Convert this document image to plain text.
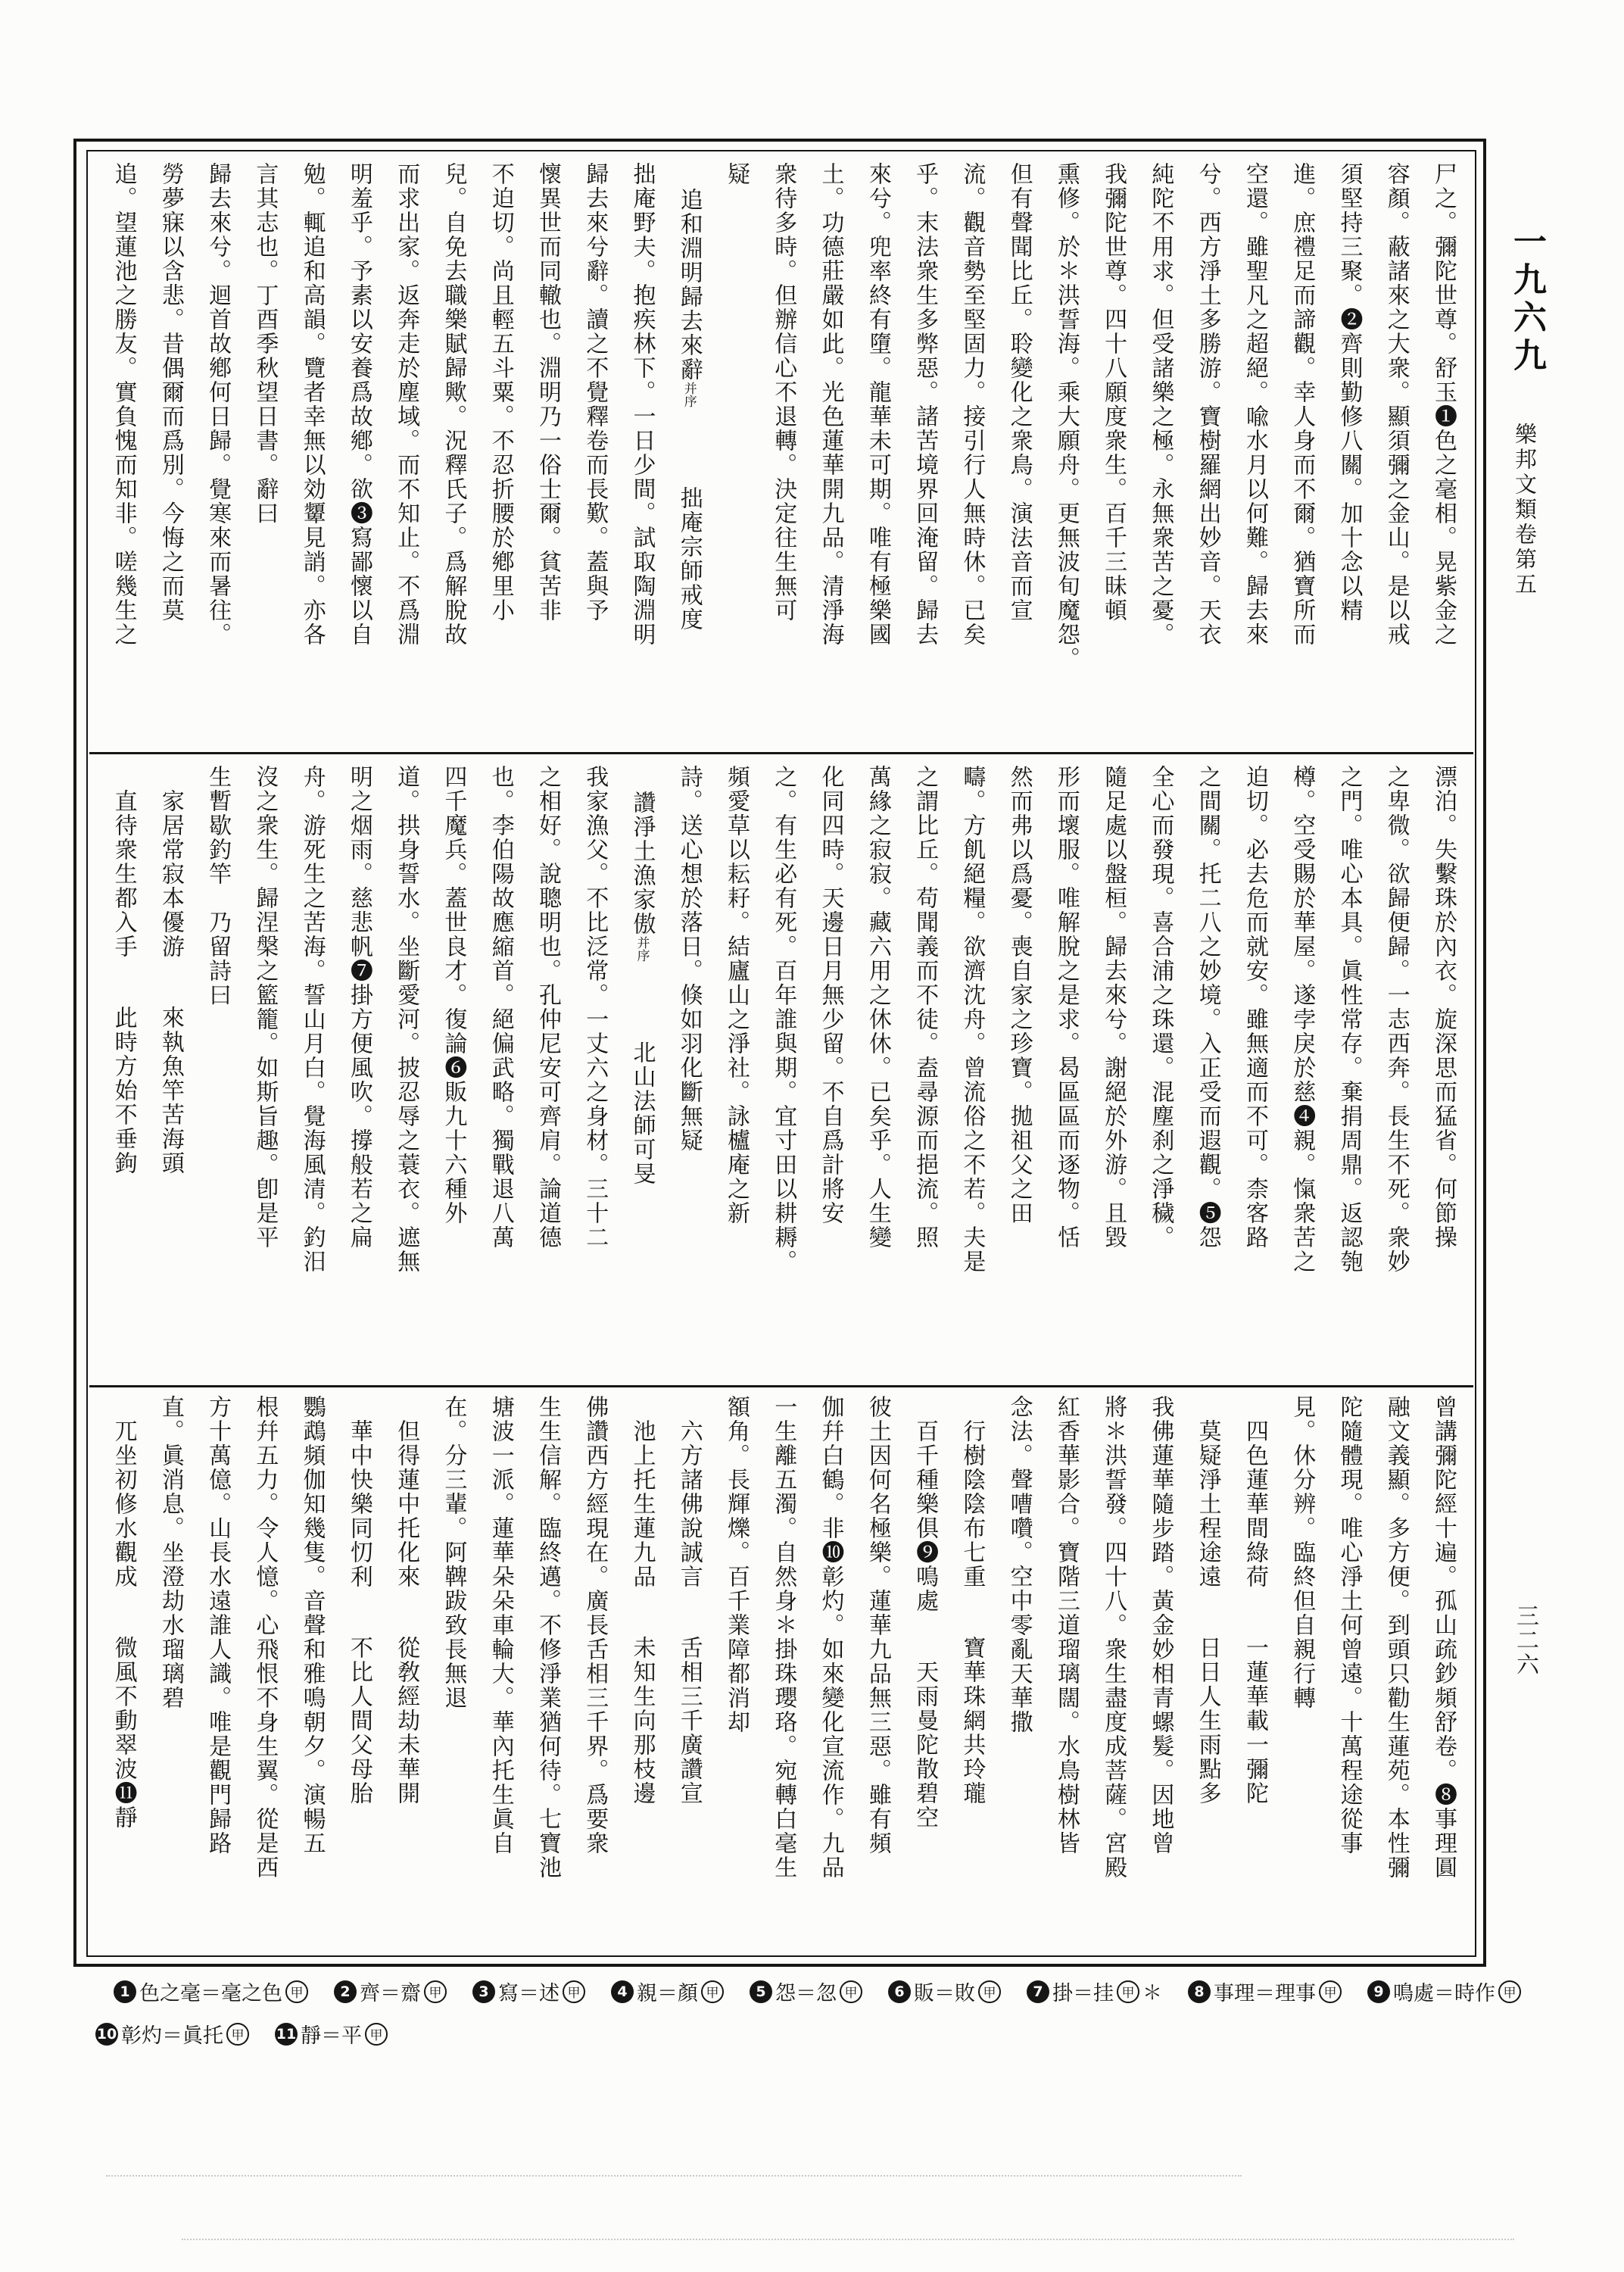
一九六九
樂邦文類卷第五
三二六
尸之。彌陀世尊。舒玉❶色之毫相。晃紫金之
容顏。蔽諸來之大衆。顯須彌之金山。是以戒
須堅持三聚。❷齊則勤修八關。加十念以精
進。庶禮足而諦觀。幸人身而不爾。猶寶所而
空還。雖聖凡之超絕。喩水月以何難。歸去來
兮。西方淨土多勝游。寶樹羅網出妙音。天衣
純陀不用求。但受諸樂之極。永無衆苦之憂。
我彌陀世尊。四十八願度衆生。百千三昧頓
熏修。於＊洪誓海。乘大願舟。更無波旬魔怨。
但有聲聞比丘。聆變化之衆鳥。演法音而宣
流。觀音勢至堅固力。接引行人無時休。已矣
乎。末法衆生多弊惡。諸苦境界回淹留。歸去
來兮。兜率終有墮。龍華未可期。唯有極樂國
土。功德莊嚴如此。光色蓮華開九品。清淨海
衆待多時。但辦信心不退轉。決定往生無可
疑
追和淵明歸去來辭并序拙庵宗師戒度
拙庵野夫。抱疾林下。一日少間。試取陶淵明
歸去來兮辭。讀之不覺釋卷而長歎。蓋與予
懷異世而同轍也。淵明乃一俗士爾。貧苦非
不迫切。尚且輕五斗粟。不忍折腰於鄕里小
兒。自免去職樂賦歸歟。況釋氏子。爲解脫故
而求出家。返奔走於塵域。而不知止。不爲淵
明羞乎。予素以安養爲故鄕。欲❸寫鄙懷以自
勉。輒追和高韻。覽者幸無以効顰見誚。亦各
言其志也。丁酉季秋望日書。辭曰
歸去來兮。迴首故鄕何日歸。覺寒來而暑往。
勞夢寐以含悲。昔偶爾而爲別。今悔之而莫
追。望蓮池之勝友。實負愧而知非。嗟幾生之
漂泊。失繫珠於內衣。旋深思而猛省。何節操
之卑微。欲歸便歸。一志西奔。長生不死。衆妙
之門。唯心本具。眞性常存。棄捐周鼎。返認匏
樽。空受賜於華屋。遂孛戾於慈❹親。愾衆苦之
迫切。必去危而就安。雖無適而不可。柰客路
之間關。托二八之妙境。入正受而遐觀。❺怨
全心而發現。喜合浦之珠還。混塵刹之淨穢。
隨足處以盤桓。歸去來兮。謝絕於外游。且毀
形而壞服。唯解脫之是求。曷區區而逐物。恬
然而弗以爲憂。喪自家之珍寶。拋祖父之田
疇。方飢絕糧。欲濟沈舟。曾流俗之不若。夫是
之謂比丘。苟聞義而不徒。盍尋源而挹流。照
萬緣之寂寂。藏六用之休休。已矣乎。人生變
化同四時。天邊日月無少留。不自爲計將安
之。有生必有死。百年誰與期。宜寸田以耕耨。
頻愛草以耘耔。結廬山之淨社。詠櫨庵之新
詩。送心想於落日。倏如羽化斷無疑
讚淨土漁家傲并序北山法師可旻
我家漁父。不比泛常。一丈六之身材。三十二
之相好。說聰明也。孔仲尼安可齊肩。論道德
也。李伯陽故應縮首。絕偏武略。獨戰退八萬
四千魔兵。蓋世良才。復論❻販九十六種外
道。拱身誓水。坐斷愛河。披忍辱之蓑衣。遮無
明之烟雨。慈悲帆❼掛方便風吹。撐般若之扁
舟。游死生之苦海。誓山月白。覺海風清。釣汨
沒之衆生。歸涅槃之籃籠。如斯旨趣。卽是平
生暫歇釣竿　乃留詩曰
家居常寂本優游來執魚竿苦海頭
直待衆生都入手此時方始不垂鉤
曾講彌陀經十遍。孤山疏鈔頻舒卷。❽事理圓
融文義顯。多方便。到頭只勸生蓮苑。本性彌
陀隨體現。唯心淨土何曾遠。十萬程途從事
見。休分辨。臨終但自親行轉
四色蓮華間綠荷一蓮華載一彌陀
莫疑淨土程途遠日日人生雨點多
我佛蓮華隨步踏。黃金妙相青螺髮。因地曾
將＊洪誓發。四十八。衆生盡度成菩薩。宮殿
紅香華影合。寶階三道瑠璃闊。水鳥樹林皆
念法。聲嘈囋。空中零亂天華撒
行樹陰陰布七重寶華珠網共玲瓏
百千種樂俱❾鳴處天雨曼陀散碧空
彼土因何名極樂。蓮華九品無三惡。雖有頻
伽幷白鶴。非❿彰灼。如來變化宣流作。九品
一生離五濁。自然身＊掛珠瓔珞。宛轉白毫生
額角。長輝爍。百千業障都消却
六方諸佛說誠言舌相三千廣讚宣
池上托生蓮九品未知生向那枝邊
佛讚西方經現在。廣長舌相三千界。爲要衆
生生信解。臨終邁。不修淨業猶何待。七寶池
塘波一派。蓮華朵朵車輪大。華內托生眞自
在。分三輩。阿鞞跋致長無退
但得蓮中托化來從敎經劫未華開
華中快樂同忉利不比人間父母胎
鸚鵡頻伽知幾隻。音聲和雅鳴朝夕。演暢五
根幷五力。令人憶。心飛恨不身生翼。從是西
方十萬億。山長水遠誰人識。唯是觀門歸路
直。眞消息。坐澄劫水瑠璃碧
兀坐初修水觀成微風不動翠波⓫靜
1 色之毫＝毫之色 甲	2 齊＝齋 甲	3 寫＝述 甲	4 親＝顏 甲	5 怨＝忽 甲	6 販＝敗 甲	7 掛＝挂 甲 ＊	8 事理＝理事 甲	9 鳴處＝時作 甲
10 彰灼＝眞托 甲	11 靜＝平 甲
